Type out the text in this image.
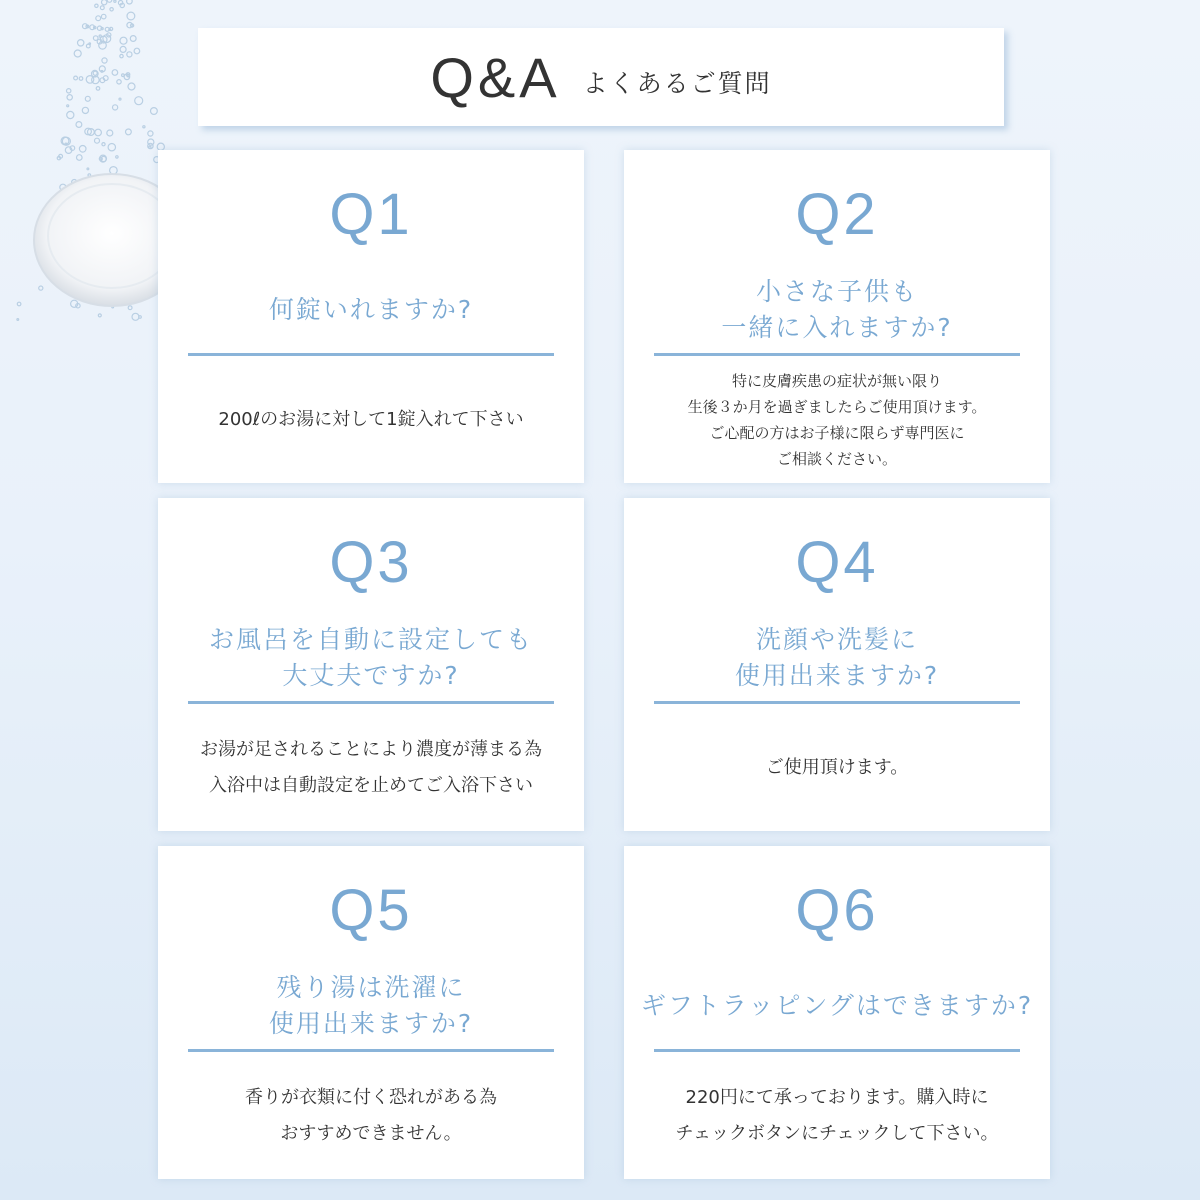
Q&A よくあるご質問
Q1
何錠いれますか?
200ℓのお湯に対して1錠入れて下さい
Q2
小さな子供も
一緒に入れますか?
特に皮膚疾患の症状が無い限り
生後３か月を過ぎましたらご使用頂けます。
ご心配の方はお子様に限らず専門医に
ご相談ください。
Q3
お風呂を自動に設定しても
大丈夫ですか?
お湯が足されることにより濃度が薄まる為
入浴中は自動設定を止めてご入浴下さい
Q4
洗顔や洗髪に
使用出来ますか?
ご使用頂けます。
Q5
残り湯は洗濯に
使用出来ますか?
香りが衣類に付く恐れがある為
おすすめできません。
Q6
ギフトラッピングはできますか?
220円にて承っております。購入時に
チェックボタンにチェックして下さい。
